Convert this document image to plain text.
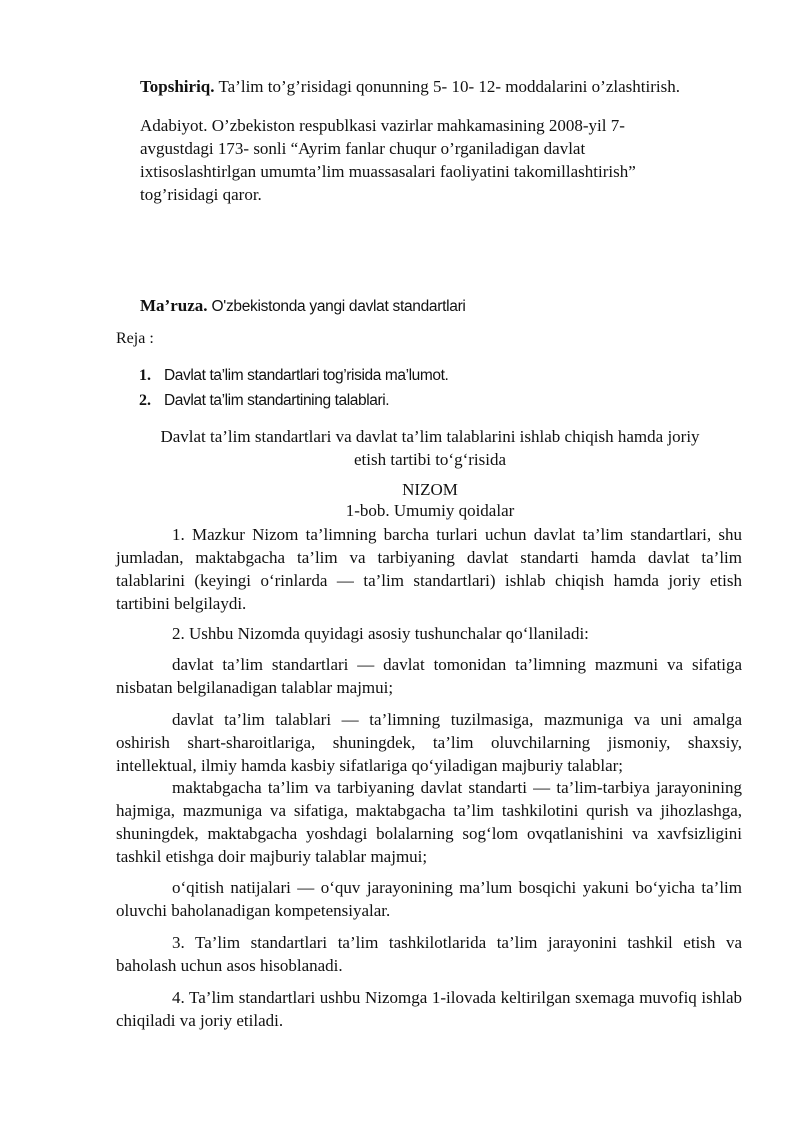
Topshiriq. Ta’lim to’g’risidagi qonunning 5- 10- 12- moddalarini o’zlashtirish.

Adabiyot. O’zbekiston respublkasi vazirlar mahkamasining 2008-yil 7-
avgustdagi 173- sonli “Ayrim fanlar chuqur o’rganiladigan davlat
ixtisoslashtirlgan umumta’lim muassasalari faoliyatini takomillashtirish”
tog’risidagi qaror.

Ma’ruza. O'zbekistonda yangi davlat standartlari

Reja :

1. Davlat ta’lim standartlari tog’risida ma’lumot.
2. Davlat ta’lim standartining talablari.
Davlat ta’lim standartlari va davlat ta’lim talablarini ishlab chiqish hamda joriy
etish tartibi to‘g‘risida
NIZOM
1-bob. Umumiy qoidalar

1. Mazkur Nizom ta’limning barcha turlari uchun davlat ta’lim standartlari, shu jumladan, maktabgacha ta’lim va tarbiyaning davlat standarti hamda davlat ta’lim talablarini (keyingi o‘rinlarda — ta’lim standartlari) ishlab chiqish hamda joriy etish tartibini belgilaydi.

2. Ushbu Nizomda quyidagi asosiy tushunchalar qo‘llaniladi:

davlat ta’lim standartlari — davlat tomonidan ta’limning mazmuni va sifatiga nisbatan belgilanadigan talablar majmui;

davlat ta’lim talablari — ta’limning tuzilmasiga, mazmuniga va uni amalga oshirish shart-sharoitlariga, shuningdek, ta’lim oluvchilarning jismoniy, shaxsiy, intellektual, ilmiy hamda kasbiy sifatlariga qo‘yiladigan majburiy talablar;

maktabgacha ta’lim va tarbiyaning davlat standarti — ta’lim-tarbiya jarayonining hajmiga, mazmuniga va sifatiga, maktabgacha ta’lim tashkilotini qurish va jihozlashga, shuningdek, maktabgacha yoshdagi bolalarning sog‘lom ovqatlanishini va xavfsizligini tashkil etishga doir majburiy talablar majmui;

o‘qitish natijalari — o‘quv jarayonining ma’lum bosqichi yakuni bo‘yicha ta’lim oluvchi baholanadigan kompetensiyalar.

3. Ta’lim standartlari ta’lim tashkilotlarida ta’lim jarayonini tashkil etish va baholash uchun asos hisoblanadi.

4. Ta’lim standartlari ushbu Nizomga 1-ilovada keltirilgan sxemaga muvofiq ishlab chiqiladi va joriy etiladi.
